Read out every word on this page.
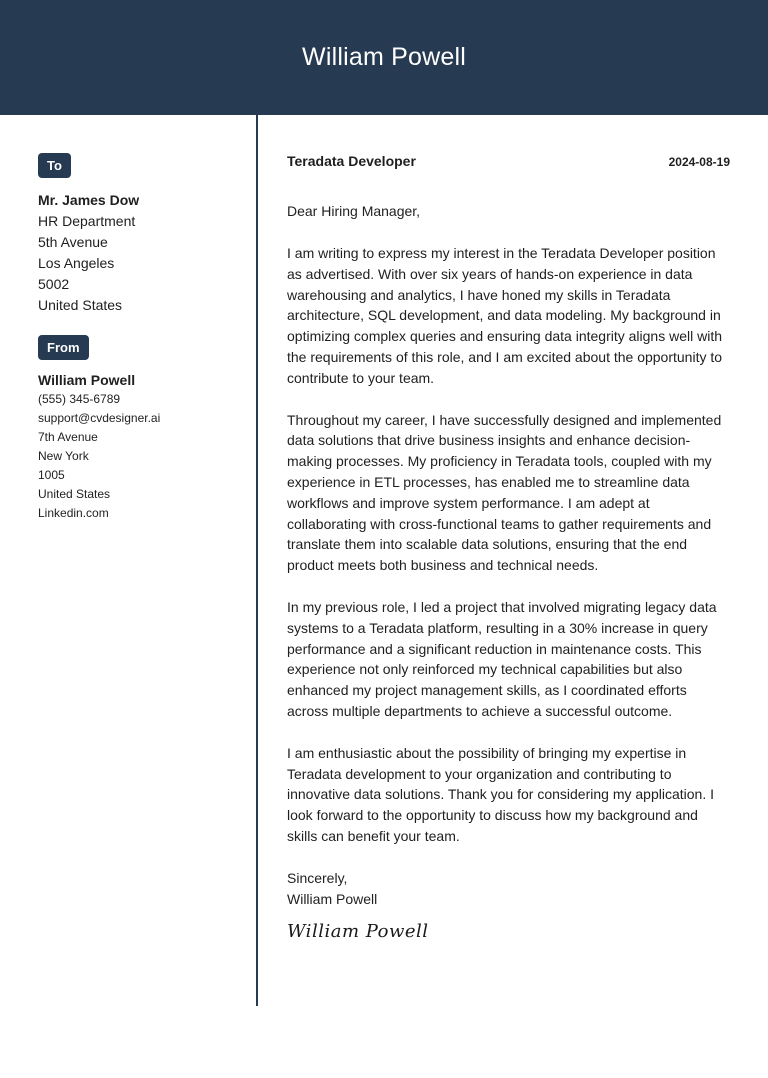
William Powell
To
Mr. James Dow
HR Department
5th Avenue
Los Angeles
5002
United States
From
William Powell
(555) 345-6789
support@cvdesigner.ai
7th Avenue
New York
1005
United States
Linkedin.com
Teradata Developer	2024-08-19
Dear Hiring Manager,
I am writing to express my interest in the Teradata Developer position as advertised. With over six years of hands-on experience in data warehousing and analytics, I have honed my skills in Teradata architecture, SQL development, and data modeling. My background in optimizing complex queries and ensuring data integrity aligns well with the requirements of this role, and I am excited about the opportunity to contribute to your team.
Throughout my career, I have successfully designed and implemented data solutions that drive business insights and enhance decision-making processes. My proficiency in Teradata tools, coupled with my experience in ETL processes, has enabled me to streamline data workflows and improve system performance. I am adept at collaborating with cross-functional teams to gather requirements and translate them into scalable data solutions, ensuring that the end product meets both business and technical needs.
In my previous role, I led a project that involved migrating legacy data systems to a Teradata platform, resulting in a 30% increase in query performance and a significant reduction in maintenance costs. This experience not only reinforced my technical capabilities but also enhanced my project management skills, as I coordinated efforts across multiple departments to achieve a successful outcome.
I am enthusiastic about the possibility of bringing my expertise in Teradata development to your organization and contributing to innovative data solutions. Thank you for considering my application. I look forward to the opportunity to discuss how my background and skills can benefit your team.
Sincerely,
William Powell
William Powell
